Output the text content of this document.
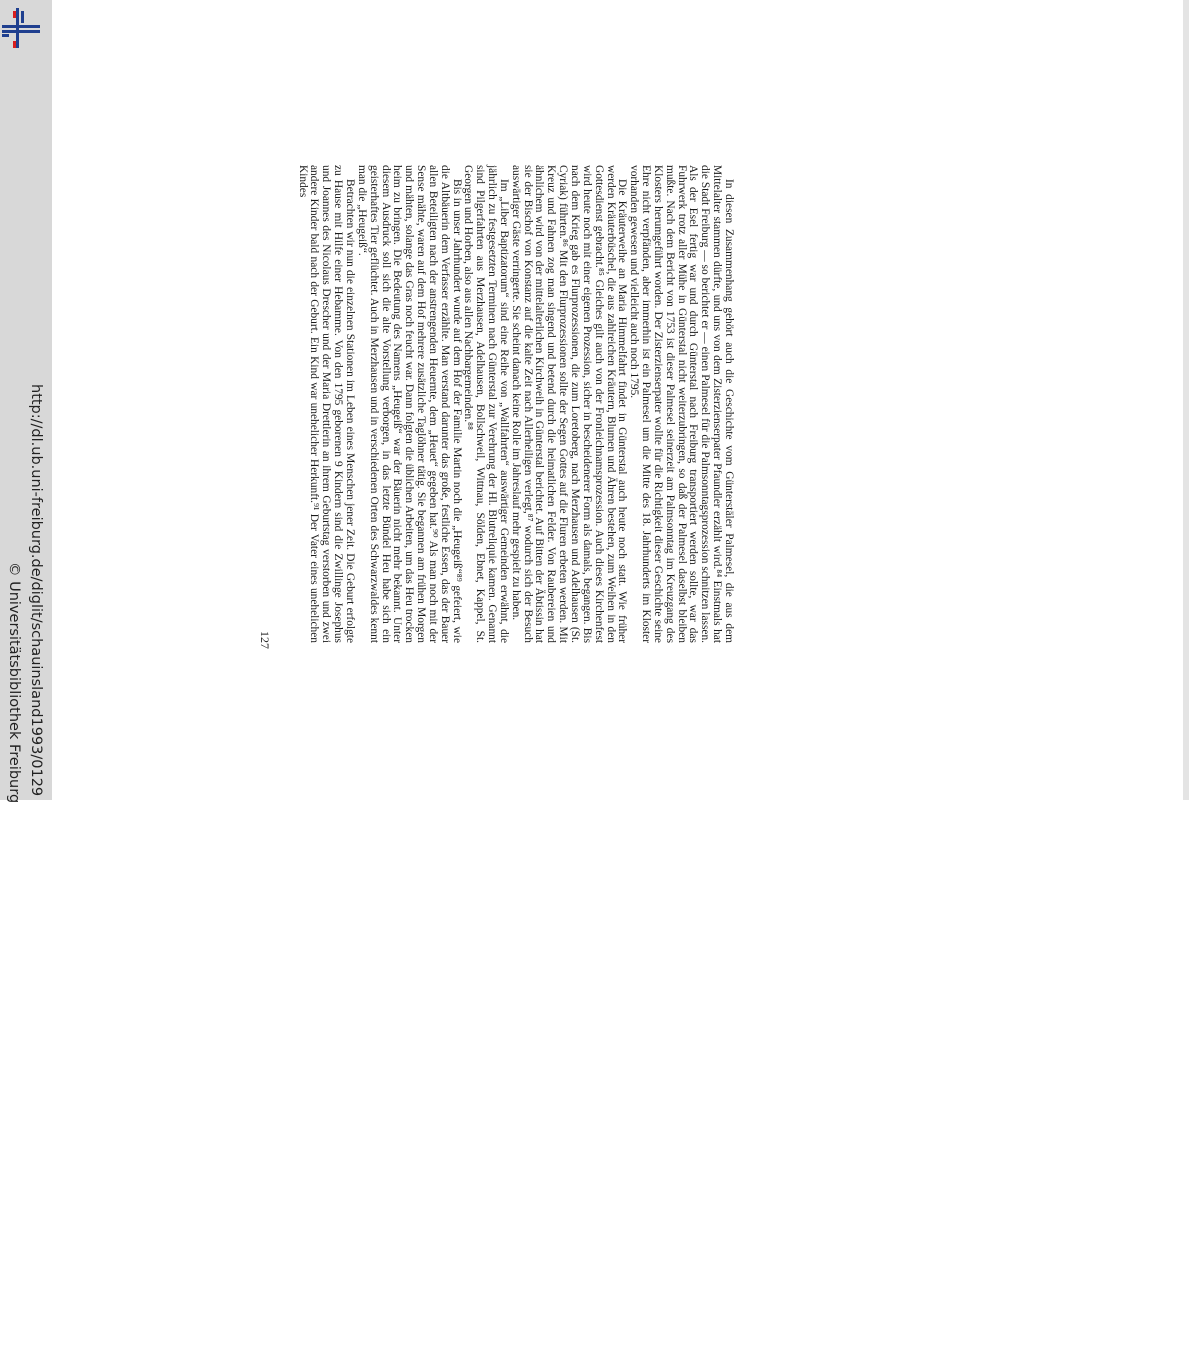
http://dl.ub.uni-freiburg.de/diglit/schauinsland1993/0129
© Universitätsbibliothek Freiburg

In diesen Zusammenhang gehört auch die Geschichte vom Günterstäler Palmesel, die aus dem Mittelalter stammen dürfte, und uns von dem Zisterzienserpater Pfaundler erzählt wird.⁸⁴ Einstmals hat die Stadt Freiburg — so berichtet er — einen Palmesel für die Palmsonntagsprozession schnitzen lassen. Als der Esel fertig war und durch Günterstal nach Freiburg transportiert werden sollte, war das Fuhrwerk trotz aller Mühe in Günterstal nicht weiterzubringen, so daß der Palmesel daselbst bleiben mußte. Nach dem Bericht von 1753 ist dieser Palmesel seinerzeit am Palmsonntag im Kreuzgang des Klosters herumgeführt worden. Der Zisterzienserpater wollte für die Richtigkeit dieser Geschichte seine Ehre nicht verpfänden, aber immerhin ist ein Palmesel um die Mitte des 18. Jahrhunderts im Kloster vorhanden gewesen und vielleicht auch noch 1795.

Die Kräuterweihe an Maria Himmelfahrt findet in Günterstal auch heute noch statt. Wie früher werden Kräuterbüschel, die aus zahlreichen Kräutern, Blumen und Ähren bestehen, zum Weihen in den Gottesdienst gebracht.⁸⁵ Gleiches gilt auch von der Fronleichnamsprozession. Auch dieses Kirchenfest wird heute noch mit einer eigenen Prozession, sicher in bescheidenerer Form als damals, begangen. Bis nach dem Krieg gab es Flurprozessionen, die zum Loretoberg, nach Merzhausen und Adelhausen (St. Cyriak) führten.⁸⁶ Mit den Flurprozessionen sollte der Segen Gottes auf die Fluren erbeten werden. Mit Kreuz und Fahnen zog man singend und betend durch die heimatlichen Felder. Von Raubereien und ähnlichem wird von der mittelalterlichen Kirchweih in Günterstal berichtet. Auf Bitten der Äbtissin hat sie der Bischof von Konstanz auf die kalte Zeit nach Allerheiligen verlegt,⁸⁷ wodurch sich der Besuch auswärtiger Gäste verringerte. Sie scheint danach keine Rolle im Jahreslauf mehr gespielt zu haben.

Im „Liber Baptizatorum“ sind eine Reihe von „Wallfahrten“ auswärtiger Gemeinden erwähnt, die jährlich zu festgesetzten Terminen nach Günterstal zur Verehrung der Hl. Blutreliquie kamen. Genannt sind Pilgerfahrten aus Merzhausen, Adelhausen, Bollschweil, Wittnau, Sölden, Ebnet, Kappel, St. Georgen und Horben, also aus allen Nachbargemeinden.⁸⁸

Bis in unser Jahrhundert wurde auf dem Hof der Familie Martin noch die „Heugeiß“⁸⁹ gefeiert, wie die Altbäuerin dem Verfasser erzählte. Man verstand darunter das große, festliche Essen, das der Bauer allen Beteiligten nach der anstrengenden Heuernte, dem „Heuet“ gegeben hat.⁹⁰ Als man noch mit der Sense mähte, waren auf dem Hof mehrere zusätzliche Taglöhner tätig. Sie begannen am frühen Morgen und mähten, solange das Gras noch feucht war. Dann folgten die üblichen Arbeiten, um das Heu trocken heim zu bringen. Die Bedeutung des Namens „Heugeiß“ war der Bäuerin nicht mehr bekannt. Unter diesem Ausdruck soll sich die alte Vorstellung verborgen, in das letzte Bündel Heu habe sich ein geisterhaftes Tier geflüchtet. Auch in Merzhausen und in verschiedenen Orten des Schwarzwaldes kennt man die „Heugeiß“.

Betrachten wir nun die einzelnen Stationen im Leben eines Menschen jener Zeit. Die Geburt erfolgte zu Hause mit Hilfe einer Hebamme. Von den 1795 geborenen 9 Kindern sind die Zwillinge Josephus und Joannes des Nicolaus Drescher und der Maria Drettlerin an ihrem Geburtstag verstorben und zwei andere Kinder bald nach der Geburt. Ein Kind war unehelicher Herkunft.⁹¹ Der Vater eines unehelichen Kindes

127
